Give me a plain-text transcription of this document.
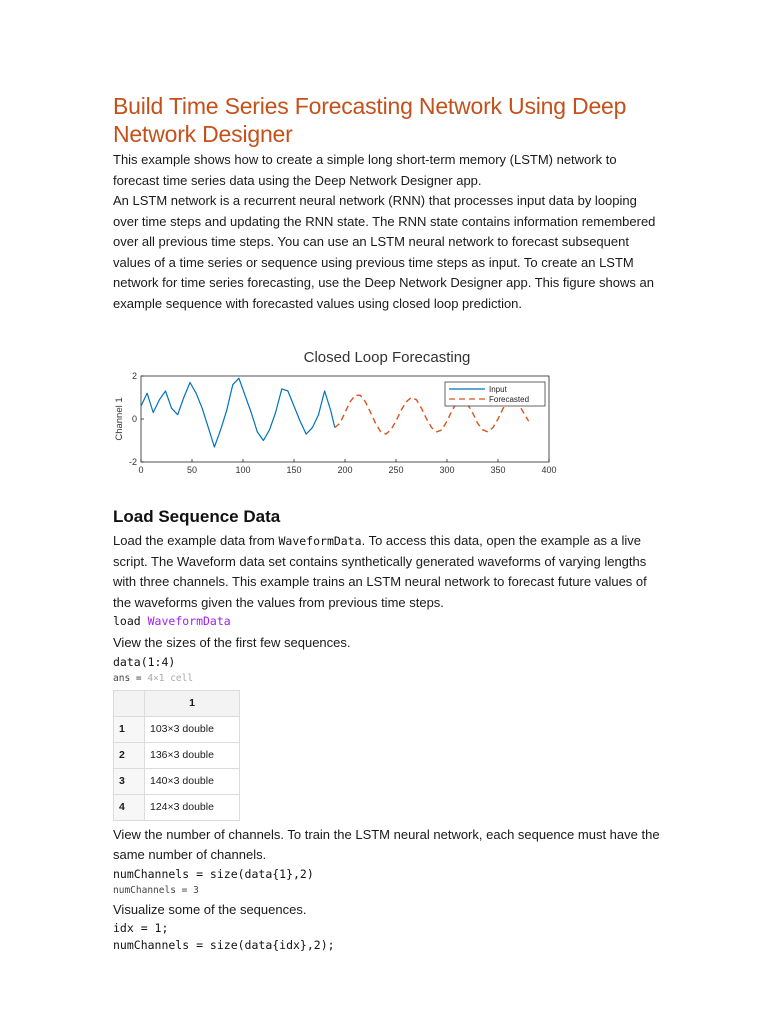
Build Time Series Forecasting Network Using Deep Network Designer

This example shows how to create a simple long short-term memory (LSTM) network to forecast time series data using the Deep Network Designer app.

An LSTM network is a recurrent neural network (RNN) that processes input data by looping over time steps and updating the RNN state. The RNN state contains information remembered over all previous time steps. You can use an LSTM neural network to forecast subsequent values of a time series or sequence using previous time steps as input. To create an LSTM network for time series forecasting, use the Deep Network Designer app. This figure shows an example sequence with forecasted values using closed loop prediction.

Closed Loop Forecasting
0	50	100	150	200	250	300	350	400
2
0
-2
Channel 1
Input
Forecasted
Load Sequence Data

Load the example data from WaveformData. To access this data, open the example as a live script. The Waveform data set contains synthetically generated waveforms of varying lengths with three channels. This example trains an LSTM neural network to forecast future values of the waveforms given the values from previous time steps.

load WaveformData

View the sizes of the first few sequences.

data(1:4)
ans = 4×1 cell
	1
1	103×3 double
2	136×3 double
3	140×3 double
4	124×3 double

View the number of channels. To train the LSTM neural network, each sequence must have the same number of channels.

numChannels = size(data{1},2)
numChannels = 3

Visualize some of the sequences.

idx = 1;
numChannels = size(data{idx},2);
